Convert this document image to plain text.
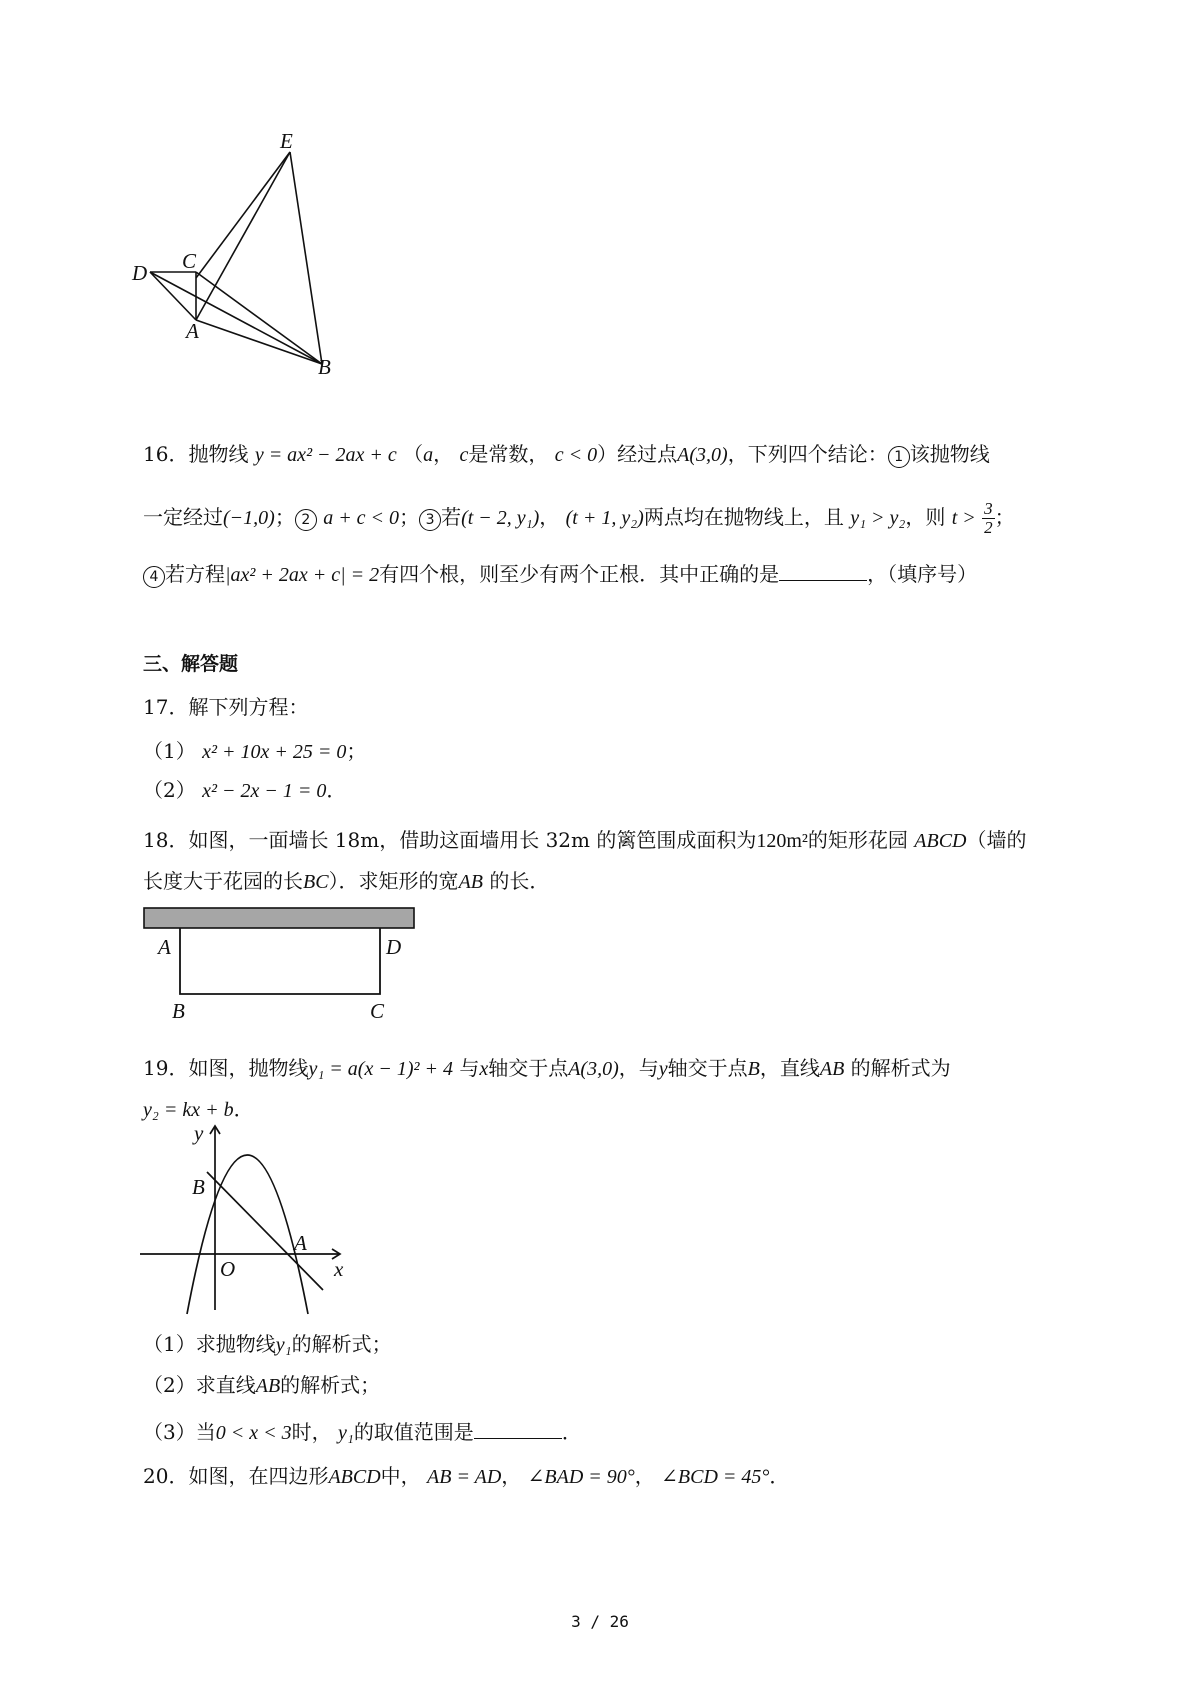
E
C
D
A
B
16．抛物线 y = ax² − 2ax + c （a， c是常数， c < 0）经过点A(3,0)，下列四个结论： 1 该抛物线
一定经过(−1,0)； 2 a + c < 0； 3 若(t − 2, y₁)， (t + 1, y₂)两点均在抛物线上，且 y₁ > y₂，则 $t > \frac{3}{2}$ ；
4 若方程|ax² + 2ax + c| = 2有四个根，则至少有两个正根．其中正确的是	，（填序号）
三、解答题
17．解下列方程：
（1） x² + 10x + 25 = 0；
（2） x² − 2x − 1 = 0．
18．如图，一面墙长 18m，借助这面墙用长 32m 的篱笆围成面积为120m²的矩形花园 ABCD（墙的
长度大于花园的长BC）．求矩形的宽AB 的长．
A	D
B	C
19．如图，抛物线y₁ = a(x − 1)² + 4 与x轴交于点A(3,0)，与y轴交于点B，直线AB 的解析式为
y₂ = kx + b．
y
B
A
O	x
（1）求抛物线y₁的解析式；
（2）求直线AB的解析式；
（3）当0 < x < 3时， y₁的取值范围是	．
20．如图，在四边形ABCD中， AB = AD， ∠BAD = 90°， ∠BCD = 45°．
3 / 26
